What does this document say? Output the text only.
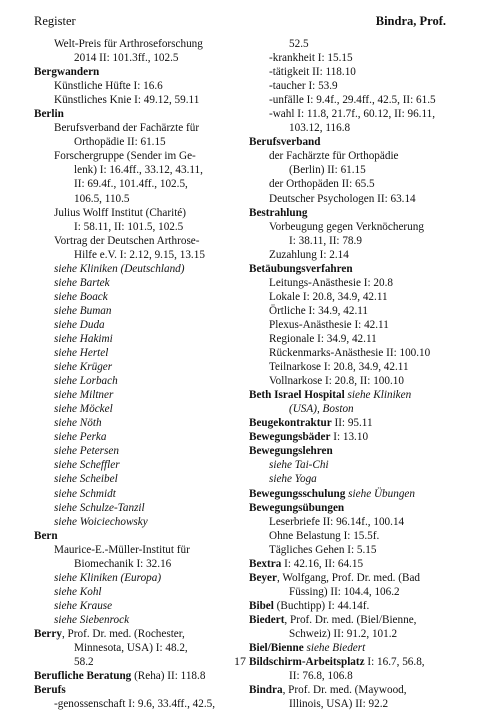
Register	Bindra, Prof.
Welt-Preis für Arthroseforschung
2014 II: 101.3ff., 102.5
Bergwandern
Künstliche Hüfte I: 16.6
Künstliches Knie I: 49.12, 59.11
Berlin
Berufsverband der Fachärzte für
Orthopädie II: 61.15
Forschergruppe (Sender im Ge-
lenk) I: 16.4ff., 33.12, 43.11,
II: 69.4f., 101.4ff., 102.5,
106.5, 110.5
Julius Wolff Institut (Charité)
I: 58.11, II: 101.5, 102.5
Vortrag der Deutschen Arthrose-
Hilfe e.V. I: 2.12, 9.15, 13.15
siehe Kliniken (Deutschland)
siehe Bartek
siehe Boack
siehe Buman
siehe Duda
siehe Hakimi
siehe Hertel
siehe Krüger
siehe Lorbach
siehe Miltner
siehe Möckel
siehe Nöth
siehe Perka
siehe Petersen
siehe Scheffler
siehe Scheibel
siehe Schmidt
siehe Schulze-Tanzil
siehe Woiciechowsky
Bern
Maurice-E.-Müller-Institut für
Biomechanik I: 32.16
siehe Kliniken (Europa)
siehe Kohl
siehe Krause
siehe Siebenrock
Berry, Prof. Dr. med. (Rochester,
Minnesota, USA) I: 48.2,
58.2
Berufliche Beratung (Reha) II: 118.8
Berufs
-genossenschaft I: 9.6, 33.4ff., 42.5,
52.5
-krankheit I: 15.15
-tätigkeit II: 118.10
-taucher I: 53.9
-unfälle I: 9.4f., 29.4ff., 42.5, II: 61.5
-wahl I: 11.8, 21.7f., 60.12, II: 96.11,
103.12, 116.8
Berufsverband
der Fachärzte für Orthopädie
(Berlin) II: 61.15
der Orthopäden II: 65.5
Deutscher Psychologen II: 63.14
Bestrahlung
Vorbeugung gegen Verknöcherung
I: 38.11, II: 78.9
Zuzahlung I: 2.14
Betäubungsverfahren
Leitungs-Anästhesie I: 20.8
Lokale I: 20.8, 34.9, 42.11
Örtliche I: 34.9, 42.11
Plexus-Anästhesie I: 42.11
Regionale I: 34.9, 42.11
Rückenmarks-Anästhesie II: 100.10
Teilnarkose I: 20.8, 34.9, 42.11
Vollnarkose I: 20.8, II: 100.10
Beth Israel Hospital siehe Kliniken
(USA), Boston
Beugekontraktur II: 95.11
Bewegungsbäder I: 13.10
Bewegungslehren
siehe Tai-Chi
siehe Yoga
Bewegungsschulung siehe Übungen
Bewegungsübungen
Leserbriefe II: 96.14f., 100.14
Ohne Belastung I: 15.5f.
Tägliches Gehen I: 5.15
Bextra I: 42.16, II: 64.15
Beyer, Wolfgang, Prof. Dr. med. (Bad
Füssing) II: 104.4, 106.2
Bibel (Buchtipp) I: 44.14f.
Biedert, Prof. Dr. med. (Biel/Bienne,
Schweiz) II: 91.2, 101.2
Biel/Bienne siehe Biedert
Bildschirm-Arbeitsplatz I: 16.7, 56.8,
II: 76.8, 106.8
Bindra, Prof. Dr. med. (Maywood,
Illinois, USA) II: 92.2
17
